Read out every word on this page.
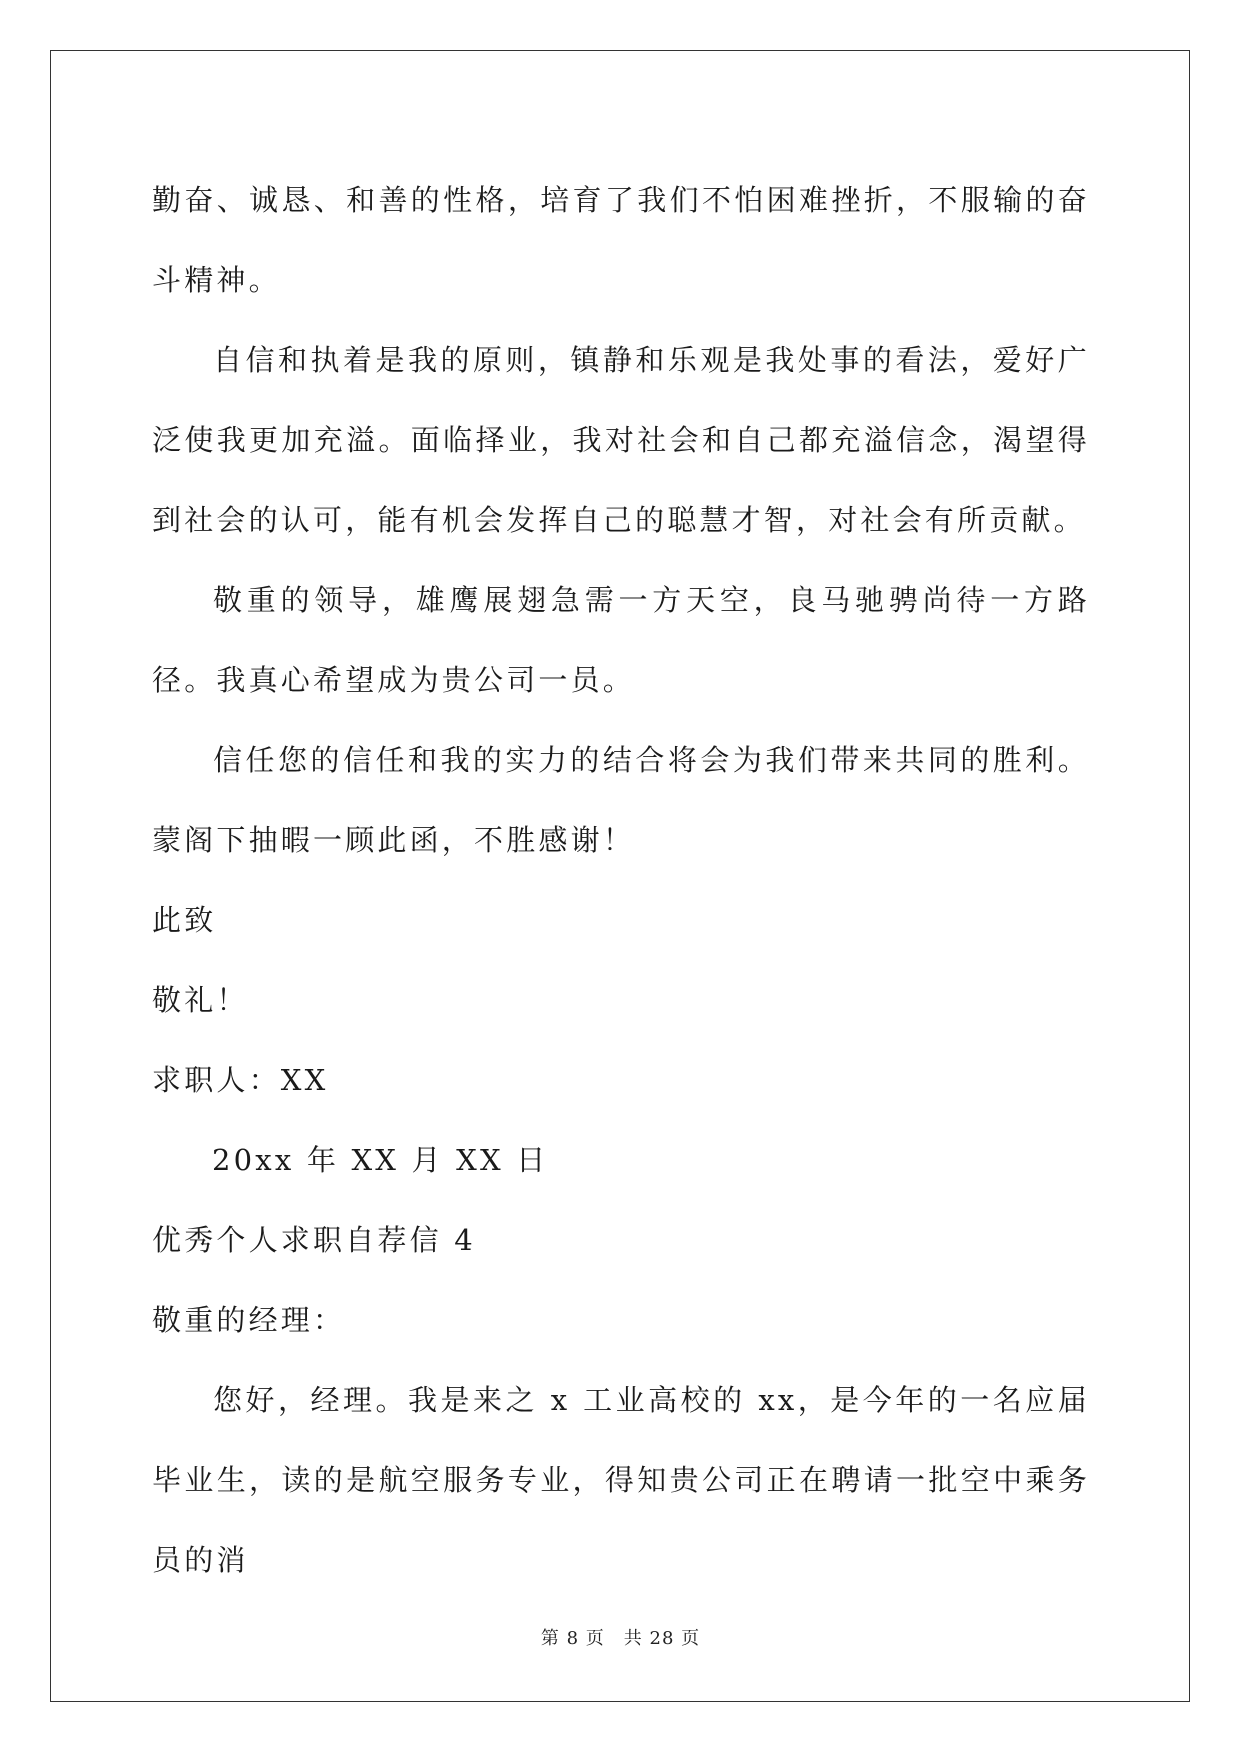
勤奋、诚恳、和善的性格，培育了我们不怕困难挫折，不服输的奋斗精神。

自信和执着是我的原则，镇静和乐观是我处事的看法，爱好广泛使我更加充溢。面临择业，我对社会和自己都充溢信念，渴望得到社会的认可，能有机会发挥自己的聪慧才智，对社会有所贡献。

敬重的领导，雄鹰展翅急需一方天空，良马驰骋尚待一方路径。我真心希望成为贵公司一员。

信任您的信任和我的实力的结合将会为我们带来共同的胜利。蒙阁下抽暇一顾此函，不胜感谢！

此致

敬礼！

求职人：XX

20xx 年 XX 月 XX 日

优秀个人求职自荐信 4

敬重的经理：

您好，经理。我是来之 x 工业高校的 xx，是今年的一名应届毕业生，读的是航空服务专业，得知贵公司正在聘请一批空中乘务员的消

第 8 页　共 28 页
